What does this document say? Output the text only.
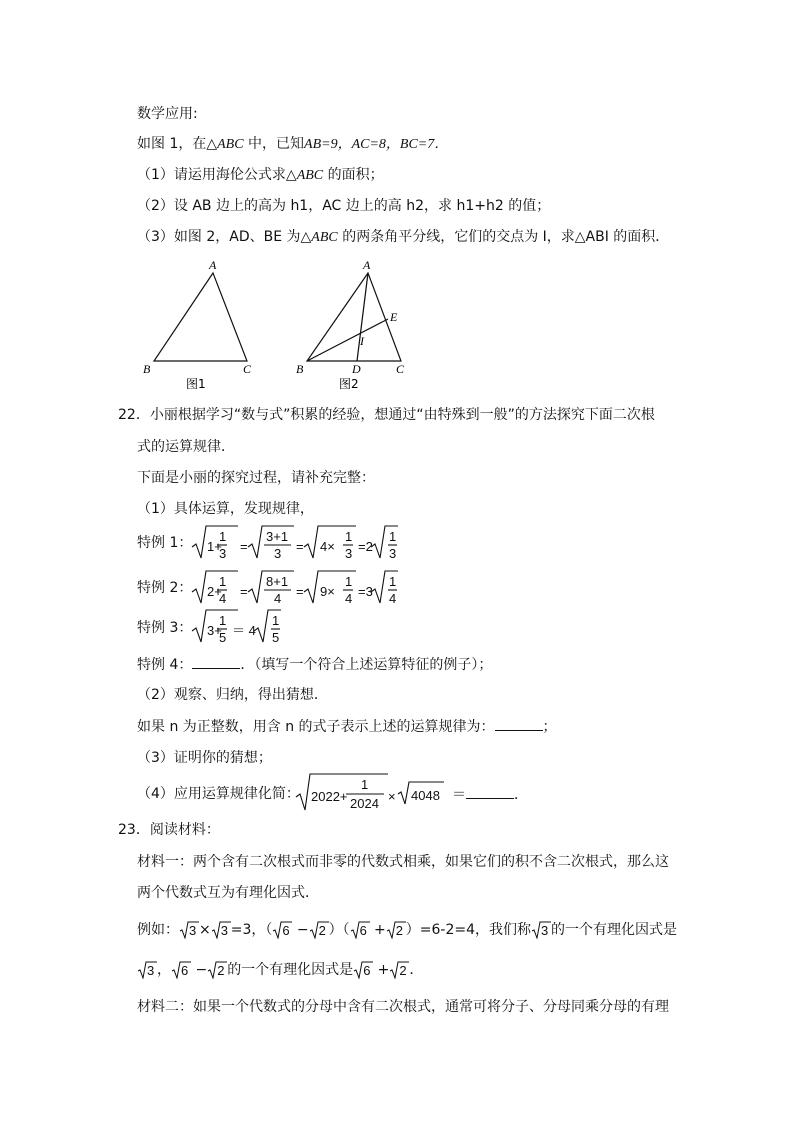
数学应用:
如图 1，在△ABC 中，已知AB=9，AC=8，BC=7．
（1）请运用海伦公式求△ABC 的面积；
（2）设 AB 边上的高为 h1，AC 边上的高 h2，求 h1+h2 的值；
（3）如图 2，AD、BE 为△ABC 的两条角平分线，它们的交点为 I，求△ABI 的面积．
A
B	C
图1
A
B	C
D
E
I
图2
22．小丽根据学习“数与式”积累的经验，想通过“由特殊到一般”的方法探究下面二次根
式的运算规律．
下面是小丽的探究过程，请补充完整：
（1）具体运算，发现规律，
特例 1： 1+
1
3 =
3+1
3 = 4×
1
3 =2
1
3
特例 2： 2+
1
4 =
8+1
4 = 9×
1
4 =3
1
4
特例 3： 3+
1
5 ＝ 4
1
5
特例 4：	．（填写一个符合上述运算特征的例子）；
（2）观察、归纳，得出猜想．
如果 n 为正整数，用含 n 的式子表示上述的运算规律为：	；
（3）证明你的猜想；
（4）应用运算规律化简： 2022+
1
2024 × 4048 ＝	．
23．阅读材料：
材料一：两个含有二次根式而非零的代数式相乘，如果它们的积不含二次根式，那么这
两个代数式互为有理化因式．
例如： 3 × 3 =3，（ 6 − 2 ）（ 6 + 2 ）=6-2=4，我们称 3 的一个有理化因式是
3 ， 6 − 2 的一个有理化因式是 6 + 2 ．
材料二：如果一个代数式的分母中含有二次根式，通常可将分子、分母同乘分母的有理
